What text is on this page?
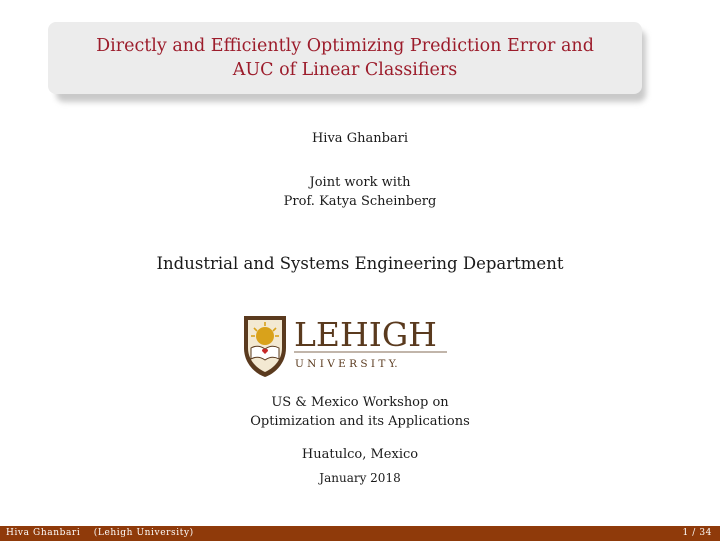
Directly and Efficiently Optimizing Prediction Error and
AUC of Linear Classifiers
Hiva Ghanbari
Joint work with
Prof. Katya Scheinberg
Industrial and Systems Engineering Department
LEHIGH
U N I V E R S I T Y.
US & Mexico Workshop on
Optimization and its Applications
Huatulco, Mexico
January 2018
Hiva Ghanbari (Lehigh University)	1 / 34
